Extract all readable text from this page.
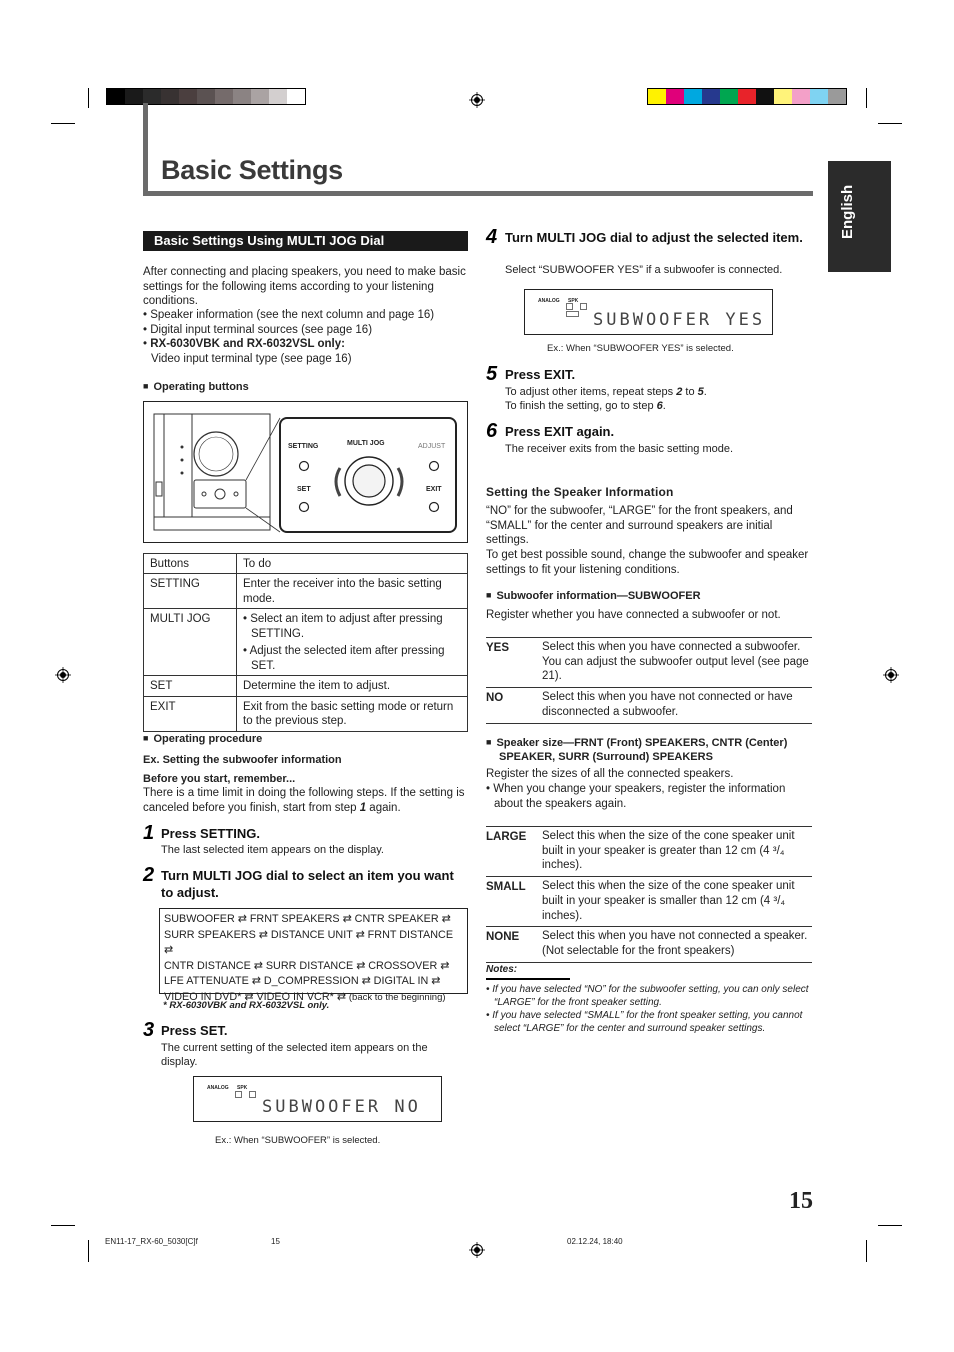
Basic Settings
English
Basic Settings Using MULTI JOG Dial

After connecting and placing speakers, you need to make basic settings for the following items according to your listening conditions.

• Speaker information (see the next column and page 16)

• Digital input terminal sources (see page 16)

• RX-6030VBK and RX-6032VSL only:
Video input terminal type (see page 16)

■ Operating buttons

SETTING	MULTI JOG	ADJUST
SET	EXIT
Buttons	To do
SETTING	Enter the receiver into the basic setting mode.
MULTI JOG	• Select an item to adjust after pressing SETTING.
• Adjust the selected item after pressing SET.

SET	Determine the item to adjust.
EXIT	Exit from the basic setting mode or return to the previous step.

■ Operating procedure

Ex. Setting the subwoofer information

Before you start, remember...

There is a time limit in doing the following steps. If the setting is canceled before you finish, start from step 1 again.

1 Press SETTING.

The last selected item appears on the display.

2 Turn MULTI JOG dial to select an item you want to adjust.
SUBWOOFER ⇄ FRNT SPEAKERS ⇄ CNTR SPEAKER ⇄
SURR SPEAKERS ⇄ DISTANCE UNIT ⇄ FRNT DISTANCE ⇄
CNTR DISTANCE ⇄ SURR DISTANCE ⇄ CROSSOVER ⇄
LFE ATTENUATE ⇄ D_COMPRESSION ⇄ DIGITAL IN ⇄
VIDEO IN DVD* ⇄ VIDEO IN VCR* ⇄ (back to the beginning)

* RX-6030VBK and RX-6032VSL only.

3 Press SET.

The current setting of the selected item appears on the display.

ANALOG SPK
SUBWOOFER NO

Ex.: When “SUBWOOFER” is selected.

4 Turn MULTI JOG dial to adjust the selected item.

Select “SUBWOOFER YES” if a subwoofer is connected.

ANALOG SPK
SUBWOOFER YES

Ex.: When “SUBWOOFER YES” is selected.

5 Press EXIT.

To adjust other items, repeat steps 2 to 5.
To finish the setting, go to step 6.

6 Press EXIT again.

The receiver exits from the basic setting mode.

Setting the Speaker Information

“NO” for the subwoofer, “LARGE” for the front speakers, and “SMALL” for the center and surround speakers are initial settings.

To get best possible sound, change the subwoofer and speaker settings to fit your listening conditions.

■ Subwoofer information—SUBWOOFER

Register whether you have connected a subwoofer or not.

YES	Select this when you have connected a subwoofer. You can adjust the subwoofer output level (see page 21).
NO	Select this when you have not connected or have disconnected a subwoofer.

■ Speaker size—FRNT (Front) SPEAKERS, CNTR (Center) SPEAKER, SURR (Surround) SPEAKERS

Register the sizes of all the connected speakers.

• When you change your speakers, register the information about the speakers again.

LARGE	Select this when the size of the cone speaker unit built in your speaker is greater than 12 cm (4 ³/₄ inches).
SMALL	Select this when the size of the cone speaker unit built in your speaker is smaller than 12 cm (4 ³/₄ inches).
NONE	Select this when you have not connected a speaker. (Not selectable for the front speakers)

Notes:

• If you have selected “NO” for the subwoofer setting, you can only select “LARGE” for the front speaker setting.

• If you have selected “SMALL” for the front speaker setting, you cannot select “LARGE” for the center and surround speaker settings.

15
EN11-17_RX-60_5030[C]f	15	02.12.24, 18:40
